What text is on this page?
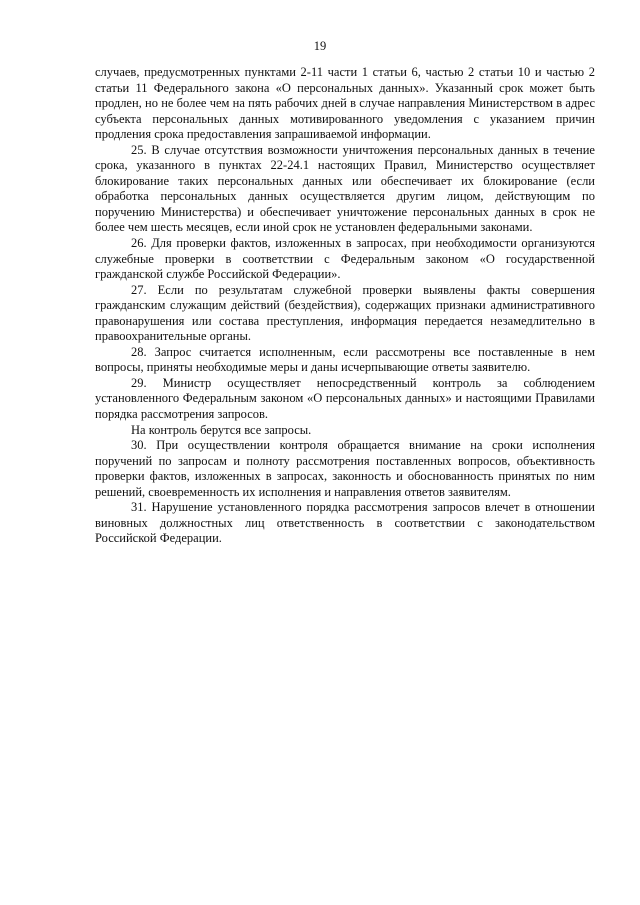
19

случаев, предусмотренных пунктами 2-11 части 1 статьи 6, частью 2 статьи 10 и частью 2 статьи 11 Федерального закона «О персональных данных». Указанный срок может быть продлен, но не более чем на пять рабочих дней в случае направления Министерством в адрес субъекта персональных данных мотивированного уведомления с указанием причин продления срока предоставления запрашиваемой информации.

25. В случае отсутствия возможности уничтожения персональных данных в течение срока, указанного в пунктах 22-24.1 настоящих Правил, Министерство осуществляет блокирование таких персональных данных или обеспечивает их блокирование (если обработка персональных данных осуществляется другим лицом, действующим по поручению Министерства) и обеспечивает уничтожение персональных данных в срок не более чем шесть месяцев, если иной срок не установлен федеральными законами.

26. Для проверки фактов, изложенных в запросах, при необходимости организуются служебные проверки в соответствии с Федеральным законом «О государственной гражданской службе Российской Федерации».

27. Если по результатам служебной проверки выявлены факты совершения гражданским служащим действий (бездействия), содержащих признаки административного правонарушения или состава преступления, информация передается незамедлительно в правоохранительные органы.

28. Запрос считается исполненным, если рассмотрены все поставленные в нем вопросы, приняты необходимые меры и даны исчерпывающие ответы заявителю.

29. Министр осуществляет непосредственный контроль за соблюдением установленного Федеральным законом «О персональных данных» и настоящими Правилами порядка рассмотрения запросов.

На контроль берутся все запросы.

30. При осуществлении контроля обращается внимание на сроки исполнения поручений по запросам и полноту рассмотрения поставленных вопросов, объективность проверки фактов, изложенных в запросах, законность и обоснованность принятых по ним решений, своевременность их исполнения и направления ответов заявителям.

31. Нарушение установленного порядка рассмотрения запросов влечет в отношении виновных должностных лиц ответственность в соответствии с законодательством Российской Федерации.
